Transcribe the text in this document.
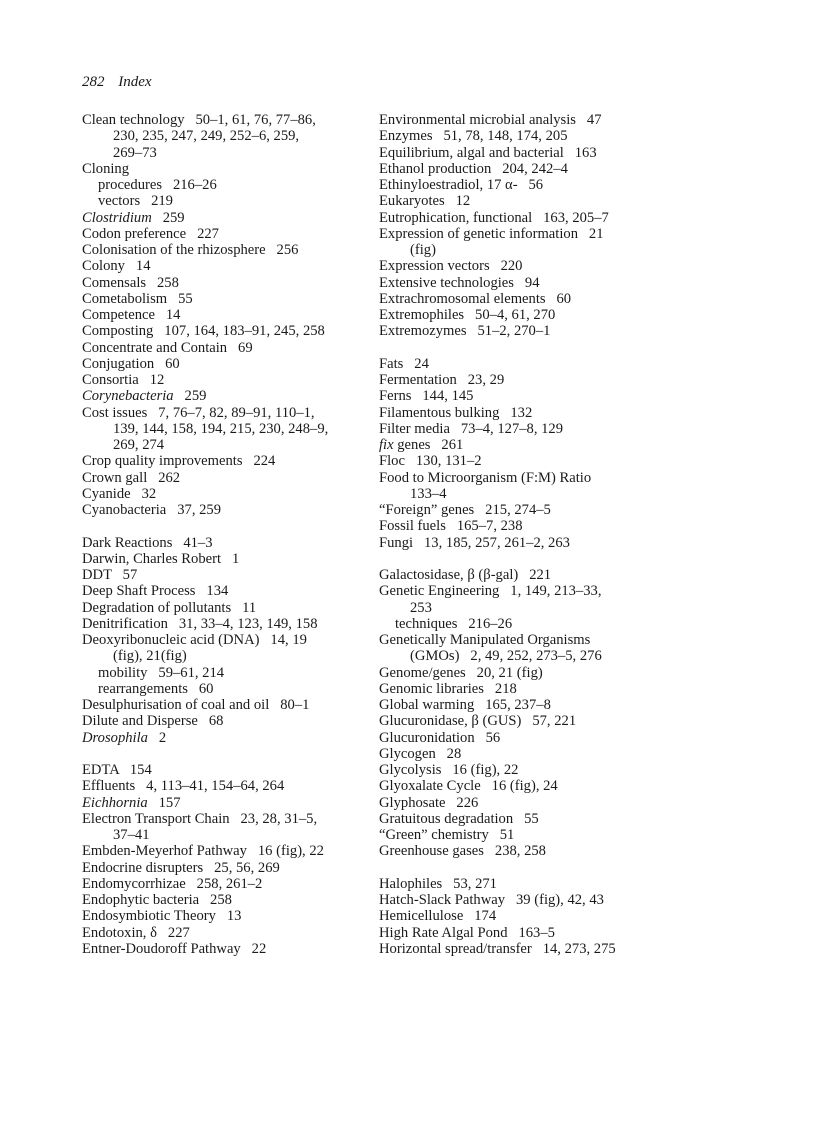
282 Index
Clean technology   50–1, 61, 76, 77–86,
230, 235, 247, 249, 252–6, 259,
269–73
Cloning
procedures   216–26
vectors   219
Clostridium   259
Codon preference   227
Colonisation of the rhizosphere   256
Colony   14
Comensals   258
Cometabolism   55
Competence   14
Composting   107, 164, 183–91, 245, 258
Concentrate and Contain   69
Conjugation   60
Consortia   12
Corynebacteria   259
Cost issues   7, 76–7, 82, 89–91, 110–1,
139, 144, 158, 194, 215, 230, 248–9,
269, 274
Crop quality improvements   224
Crown gall   262
Cyanide   32
Cyanobacteria   37, 259
Dark Reactions   41–3
Darwin, Charles Robert   1
DDT   57
Deep Shaft Process   134
Degradation of pollutants   11
Denitrification   31, 33–4, 123, 149, 158
Deoxyribonucleic acid (DNA)   14, 19
(fig), 21(fig)
mobility   59–61, 214
rearrangements   60
Desulphurisation of coal and oil   80–1
Dilute and Disperse   68
Drosophila   2
EDTA   154
Effluents   4, 113–41, 154–64, 264
Eichhornia   157
Electron Transport Chain   23, 28, 31–5,
37–41
Embden-Meyerhof Pathway   16 (fig), 22
Endocrine disrupters   25, 56, 269
Endomycorrhizae   258, 261–2
Endophytic bacteria   258
Endosymbiotic Theory   13
Endotoxin, δ   227
Entner-Doudoroff Pathway   22
Environmental microbial analysis   47
Enzymes   51, 78, 148, 174, 205
Equilibrium, algal and bacterial   163
Ethanol production   204, 242–4
Ethinyloestradiol, 17 α-   56
Eukaryotes   12
Eutrophication, functional   163, 205–7
Expression of genetic information   21
(fig)
Expression vectors   220
Extensive technologies   94
Extrachromosomal elements   60
Extremophiles   50–4, 61, 270
Extremozymes   51–2, 270–1
Fats   24
Fermentation   23, 29
Ferns   144, 145
Filamentous bulking   132
Filter media   73–4, 127–8, 129
fix genes   261
Floc   130, 131–2
Food to Microorganism (F:M) Ratio
133–4
“Foreign” genes   215, 274–5
Fossil fuels   165–7, 238
Fungi   13, 185, 257, 261–2, 263
Galactosidase, β (β-gal)   221
Genetic Engineering   1, 149, 213–33,
253
techniques   216–26
Genetically Manipulated Organisms
(GMOs)   2, 49, 252, 273–5, 276
Genome/genes   20, 21 (fig)
Genomic libraries   218
Global warming   165, 237–8
Glucuronidase, β (GUS)   57, 221
Glucuronidation   56
Glycogen   28
Glycolysis   16 (fig), 22
Glyoxalate Cycle   16 (fig), 24
Glyphosate   226
Gratuitous degradation   55
“Green” chemistry   51
Greenhouse gases   238, 258
Halophiles   53, 271
Hatch-Slack Pathway   39 (fig), 42, 43
Hemicellulose   174
High Rate Algal Pond   163–5
Horizontal spread/transfer   14, 273, 275
